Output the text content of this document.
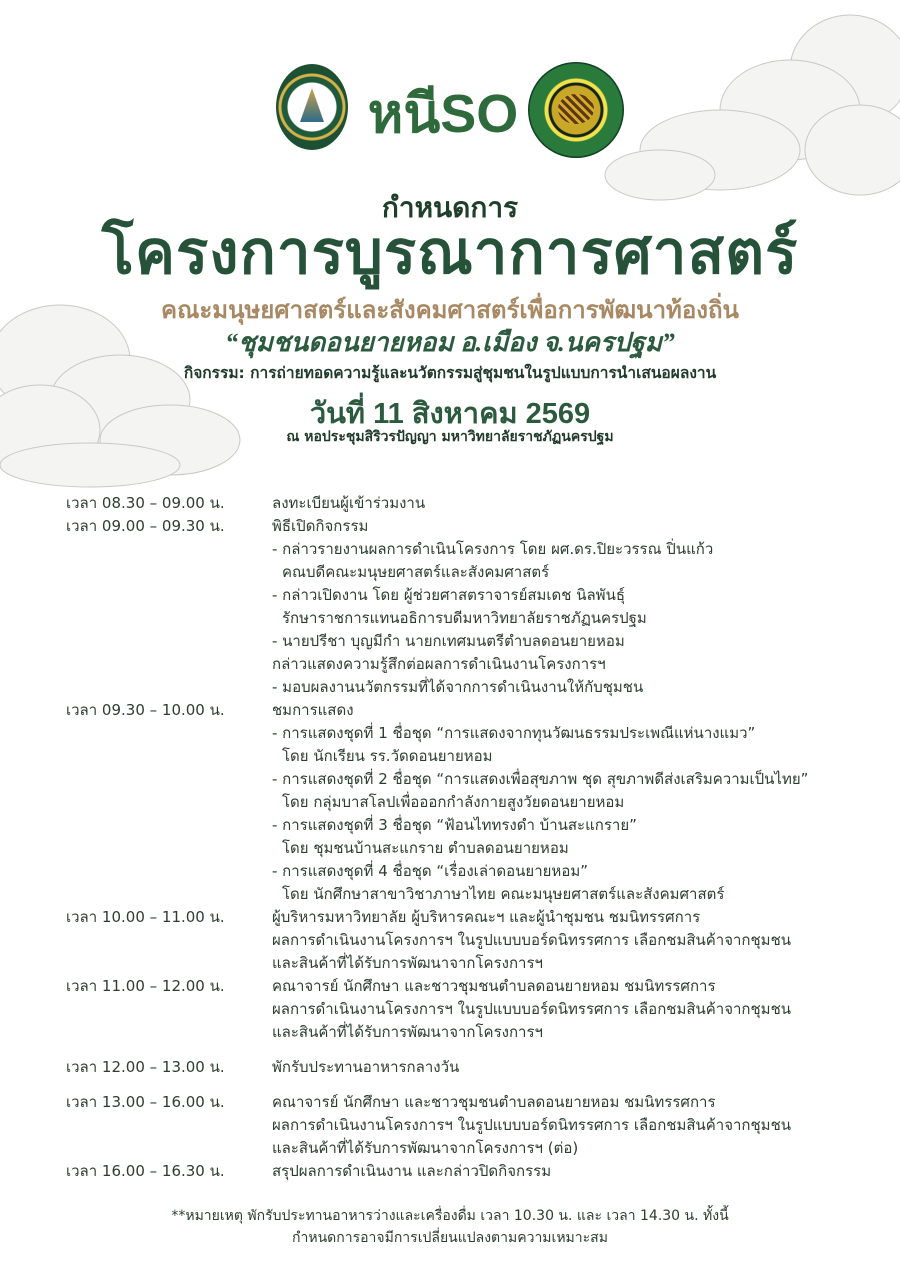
หนีSO
กำหนดการ
โครงการบูรณาการศาสตร์
คณะมนุษยศาสตร์และสังคมศาสตร์เพื่อการพัฒนาท้องถิ่น
“ชุมชนดอนยายหอม อ.เมือง จ.นครปฐม”
กิจกรรม: การถ่ายทอดความรู้และนวัตกรรมสู่ชุมชนในรูปแบบการนำเสนอผลงาน
วันที่ 11 สิงหาคม 2569
ณ หอประชุมสิริวรปัญญา มหาวิทยาลัยราชภัฏนครปฐม
เวลา 08.30 – 09.00 น.	ลงทะเบียนผู้เข้าร่วมงาน
เวลา 09.00 – 09.30 น.	พิธีเปิดกิจกรรม
- กล่าวรายงานผลการดำเนินโครงการ โดย ผศ.ดร.ปิยะวรรณ ปิ่นแก้ว
คณบดีคณะมนุษยศาสตร์และสังคมศาสตร์
- กล่าวเปิดงาน โดย ผู้ช่วยศาสตราจารย์สมเดช นิลพันธุ์
รักษาราชการแทนอธิการบดีมหาวิทยาลัยราชภัฏนครปฐม
- นายปรีชา บุญมีกำ นายกเทศมนตรีตำบลดอนยายหอม
กล่าวแสดงความรู้สึกต่อผลการดำเนินงานโครงการฯ
- มอบผลงานนวัตกรรมที่ได้จากการดำเนินงานให้กับชุมชน
เวลา 09.30 – 10.00 น.	ชมการแสดง
- การแสดงชุดที่ 1 ชื่อชุด “การแสดงจากทุนวัฒนธรรมประเพณีแห่นางแมว”
โดย นักเรียน รร.วัดดอนยายหอม
- การแสดงชุดที่ 2 ชื่อชุด “การแสดงเพื่อสุขภาพ ชุด สุขภาพดีส่งเสริมความเป็นไทย”
โดย กลุ่มบาสโลปเพื่อออกกำลังกายสูงวัยดอนยายหอม
- การแสดงชุดที่ 3 ชื่อชุด “ฟ้อนไททรงดำ บ้านสะแกราย”
โดย ชุมชนบ้านสะแกราย ตำบลดอนยายหอม
- การแสดงชุดที่ 4 ชื่อชุด “เรื่องเล่าดอนยายหอม”
โดย นักศึกษาสาขาวิชาภาษาไทย คณะมนุษยศาสตร์และสังคมศาสตร์
เวลา 10.00 – 11.00 น.	ผู้บริหารมหาวิทยาลัย ผู้บริหารคณะฯ และผู้นำชุมชน ชมนิทรรศการ
ผลการดำเนินงานโครงการฯ ในรูปแบบบอร์ดนิทรรศการ เลือกชมสินค้าจากชุมชน
และสินค้าที่ได้รับการพัฒนาจากโครงการฯ
เวลา 11.00 – 12.00 น.	คณาจารย์ นักศึกษา และชาวชุมชนตำบลดอนยายหอม ชมนิทรรศการ
ผลการดำเนินงานโครงการฯ ในรูปแบบบอร์ดนิทรรศการ เลือกชมสินค้าจากชุมชน
และสินค้าที่ได้รับการพัฒนาจากโครงการฯ
เวลา 12.00 – 13.00 น.	พักรับประทานอาหารกลางวัน
เวลา 13.00 – 16.00 น.	คณาจารย์ นักศึกษา และชาวชุมชนตำบลดอนยายหอม ชมนิทรรศการ
ผลการดำเนินงานโครงการฯ ในรูปแบบบอร์ดนิทรรศการ เลือกชมสินค้าจากชุมชน
และสินค้าที่ได้รับการพัฒนาจากโครงการฯ (ต่อ)
เวลา 16.00 – 16.30 น.	สรุปผลการดำเนินงาน และกล่าวปิดกิจกรรม
**หมายเหตุ พักรับประทานอาหารว่างและเครื่องดื่ม เวลา 10.30 น. และ เวลา 14.30 น. ทั้งนี้
กำหนดการอาจมีการเปลี่ยนแปลงตามความเหมาะสม
